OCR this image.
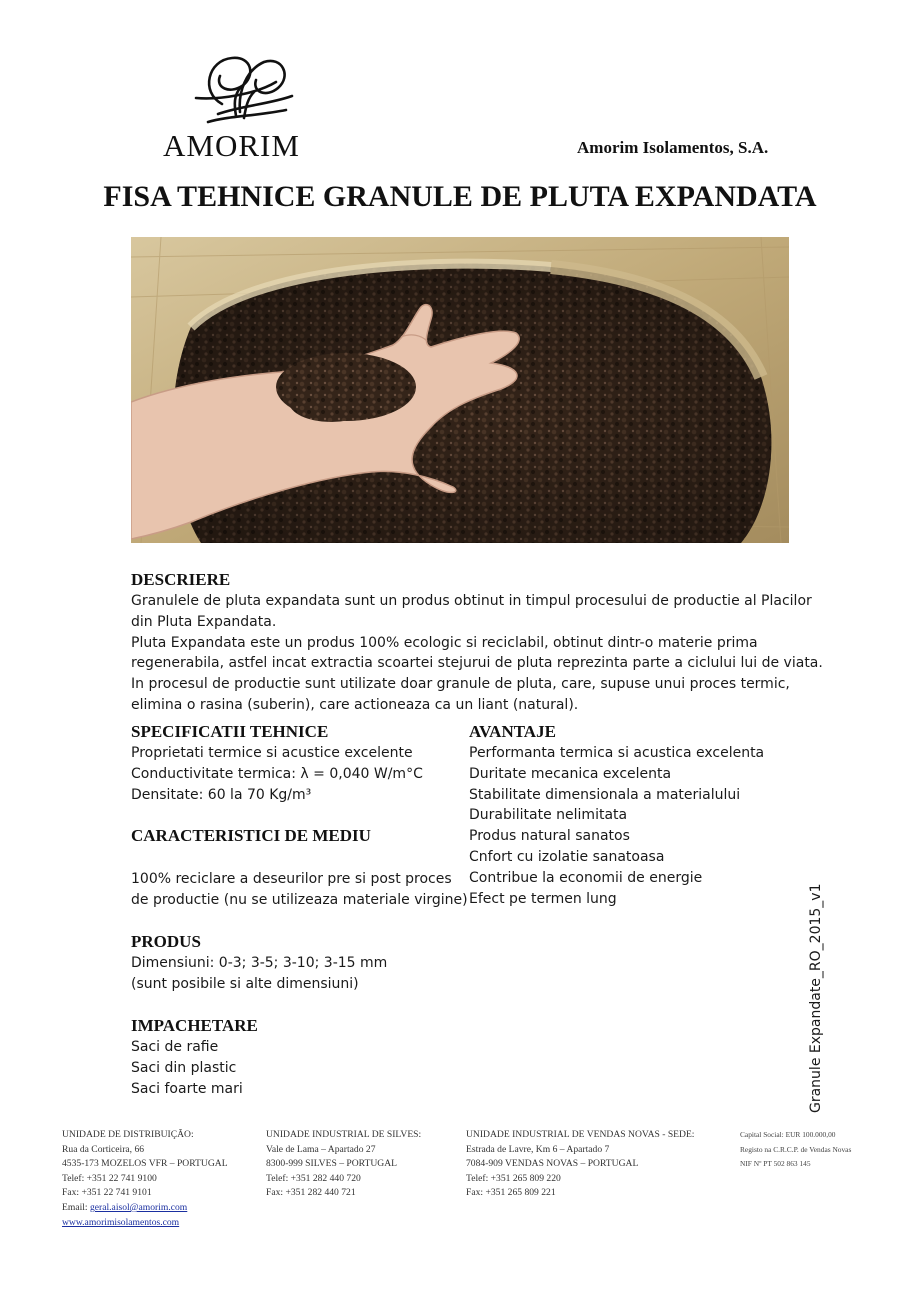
AMORIM	Amorim Isolamentos, S.A.
FISA TEHNICE GRANULE DE PLUTA EXPANDATA
DESCRIERE
Granulele de pluta expandata sunt un produs obtinut in timpul procesului de productie al Placilor
din Pluta Expandata.
Pluta Expandata este un produs 100% ecologic si reciclabil, obtinut dintr-o materie prima
regenerabila, astfel incat extractia scoartei stejurui de pluta reprezinta parte a ciclului lui de viata.
In procesul de productie sunt utilizate doar granule de pluta, care, supuse unui proces termic,
elimina o rasina (suberin), care actioneaza ca un liant (natural).
SPECIFICATII TEHNICE
Proprietati termice si acustice excelente
Conductivitate termica: λ = 0,040 W/m°C
Densitate: 60 la 70 Kg/m³
CARACTERISTICI DE MEDIU
100% reciclare a deseurilor pre si post proces
de productie (nu se utilizeaza materiale virgine)
AVANTAJE
Performanta termica si acustica excelenta
Duritate mecanica excelenta
Stabilitate dimensionala a materialului
Durabilitate nelimitata
Produs natural sanatos
Cnfort cu izolatie sanatoasa
Contribue la economii de energie
Efect pe termen lung
PRODUS
Dimensiuni: 0-3; 3-5; 3-10; 3-15 mm
(sunt posibile si alte dimensiuni)
IMPACHETARE
Saci de rafie
Saci din plastic
Saci foarte mari	Granule Expandate_RO_2015_v1
UNIDADE DE DISTRIBUIÇÃO:
Rua da Corticeira, 66
4535-173 MOZELOS VFR – PORTUGAL
Telef: +351 22 741 9100
Fax: +351 22 741 9101
Email: geral.aisol@amorim.com
www.amorimisolamentos.com
UNIDADE INDUSTRIAL DE SILVES:
Vale de Lama – Apartado 27
8300-999 SILVES – PORTUGAL
Telef: +351 282 440 720
Fax: +351 282 440 721
UNIDADE INDUSTRIAL DE VENDAS NOVAS - SEDE:
Estrada de Lavre, Km 6 – Apartado 7
7084-909 VENDAS NOVAS – PORTUGAL
Telef: +351 265 809 220
Fax: +351 265 809 221
Capital Social: EUR 100.000,00
Registo na C.R.C.P. de Vendas Novas
NIF Nº PT 502 863 145
